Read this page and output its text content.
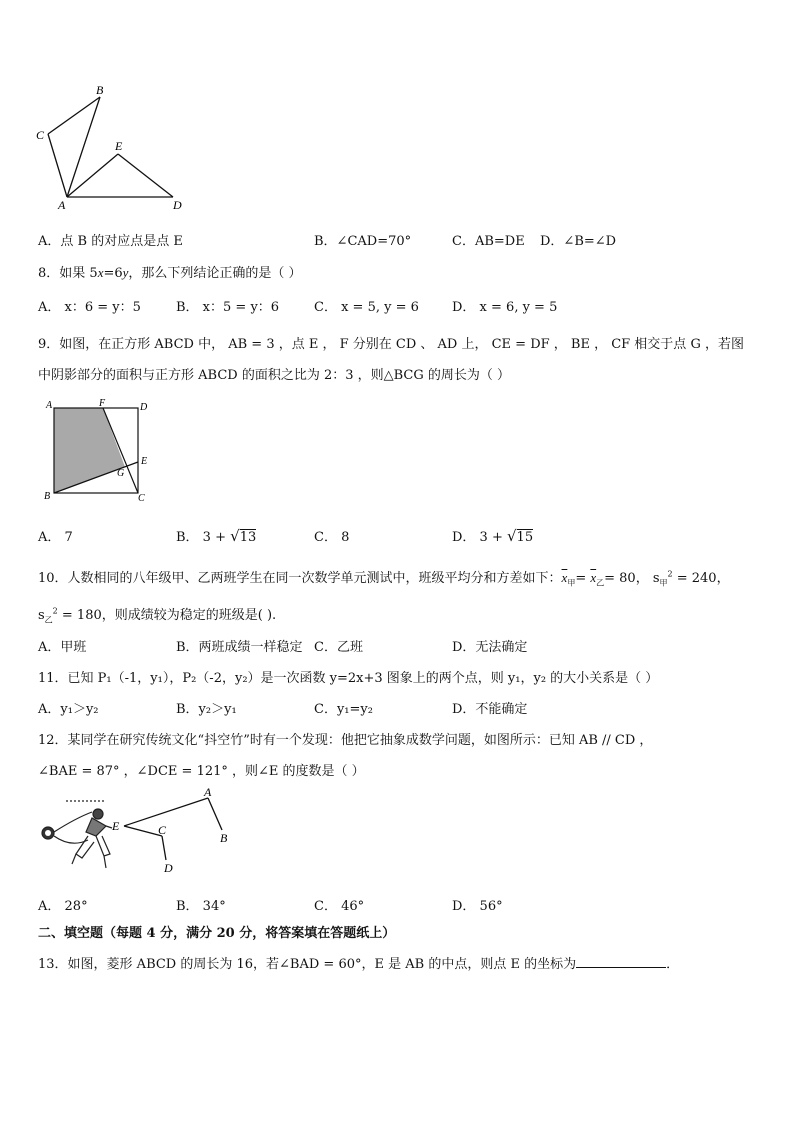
B
C
E
A	D
A．点 B 的对应点是点 E	B．∠CAD=70°	C．AB=DE D．∠B=∠D
8．如果 5x=6y，那么下列结论正确的是（ ）
A． x：6 = y：5	B． x：5 = y：6	C． x = 5, y = 6	D． x = 6, y = 5
9．如图，在正方形 ABCD 中， AB = 3 ，点 E ， F 分别在 CD 、 AD 上， CE = DF ， BE ， CF 相交于点 G ，若图
中阴影部分的面积与正方形 ABCD 的面积之比为 2：3 ，则△BCG 的周长为（ ）
A	F	D
E
G
B	C
A． 7	B． 3 + √13	C． 8	D． 3 + √15
10．人数相同的八年级甲、乙两班学生在同一次数学单元测试中，班级平均分和方差如下：$\overline{x}_甲= \overline{x}_乙= 80$， $s_甲^2 = 240$，
$s_乙^2 = 180$，则成绩较为稳定的班级是( ).
A．甲班	B．两班成绩一样稳定 C．乙班	D．无法确定
11．已知 P₁（-1，y₁），P₂（-2，y₂）是一次函数 y=2x+3 图象上的两个点，则 y₁，y₂ 的大小关系是（ ）
A．y₁＞y₂	B．y₂＞y₁	C．y₁=y₂	D．不能确定
12．某同学在研究传统文化“抖空竹”时有一个发现：他把它抽象成数学问题，如图所示：已知 AB // CD ，
∠BAE = 87° ，∠DCE = 121° ，则∠E 的度数是（ ）
A
B
C
D
E
A． 28°	B． 34°	C． 46°	D． 56°
二、填空题（每题 4 分，满分 20 分，将答案填在答题纸上）
13．如图，菱形 ABCD 的周长为 16，若∠BAD = 60°，E 是 AB 的中点，则点 E 的坐标为	．
